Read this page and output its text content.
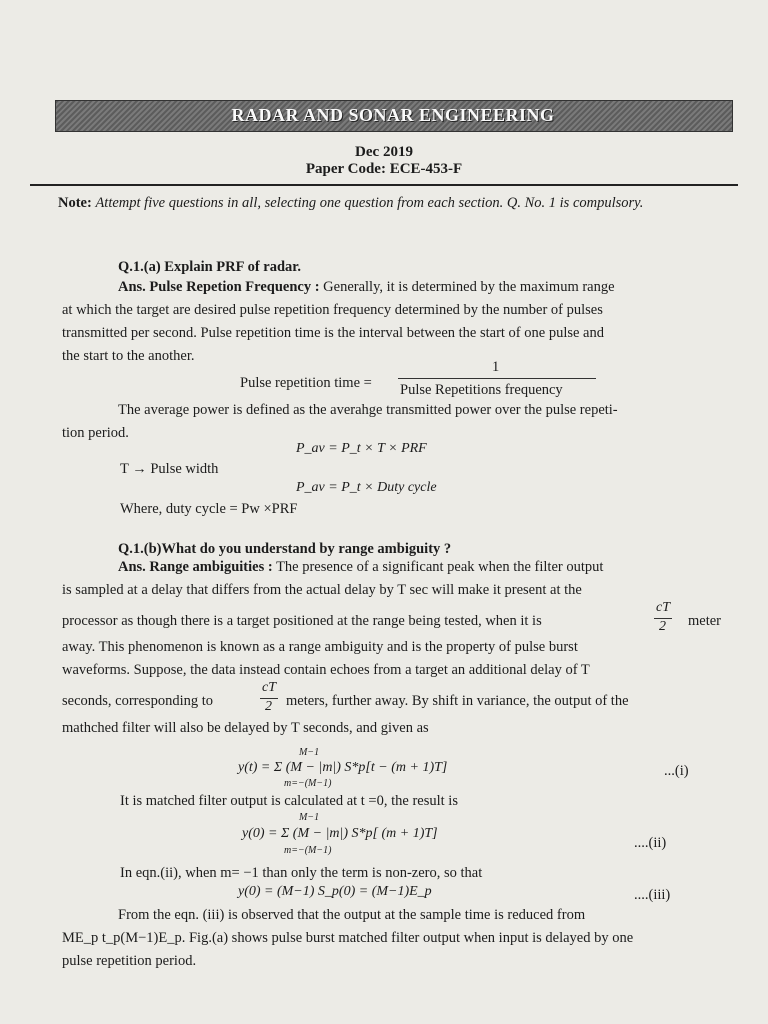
RADAR AND SONAR ENGINEERING
Dec 2019
Paper Code: ECE-453-F
Note: Attempt five questions in all, selecting one question from each section. Q. No. 1 is compulsory.
Q.1.(a) Explain PRF of radar.
Ans. Pulse Repetion Frequency : Generally, it is determined by the maximum range
at which the target are desired pulse repetition frequency determined by the number of pulses
transmitted per second. Pulse repetition time is the interval between the start of one pulse and
the start to the another.
Pulse repetition time =
1
Pulse Repetitions frequency
The average power is defined as the averahge transmitted power over the pulse repeti-
tion period.
P_av = P_t × T × PRF
T → Pulse width
P_av = P_t × Duty cycle
Where, duty cycle = Pw ×PRF
Q.1.(b)What do you understand by range ambiguity ?
Ans. Range ambiguities : The presence of a significant peak when the filter output
is sampled at a delay that differs from the actual delay by T sec will make it present at the
processor as though there is a target positioned at the range being tested, when it is
cT
2 meter
away. This phenomenon is known as a range ambiguity and is the property of pulse burst
waveforms. Suppose, the data instead contain echoes from a target an additional delay of T
seconds, corresponding to
cT
2 meters, further away. By shift in variance, the output of the
mathched filter will also be delayed by T seconds, and given as
M−1
y(t) = Σ (M − |m|) S*p[t − (m + 1)T]
m=−(M−1)
...(i)
It is matched filter output is calculated at t =0, the result is
M−1
y(0) = Σ (M − |m|) S*p[ (m + 1)T]
m=−(M−1)	....(ii)
In eqn.(ii), when m= −1 than only the term is non-zero, so that
y(0) = (M−1) S_p(0) = (M−1)E_p	....(iii)
From the eqn. (iii) is observed that the output at the sample time is reduced from
ME_p t_p(M−1)E_p. Fig.(a) shows pulse burst matched filter output when input is delayed by one
pulse repetition period.
